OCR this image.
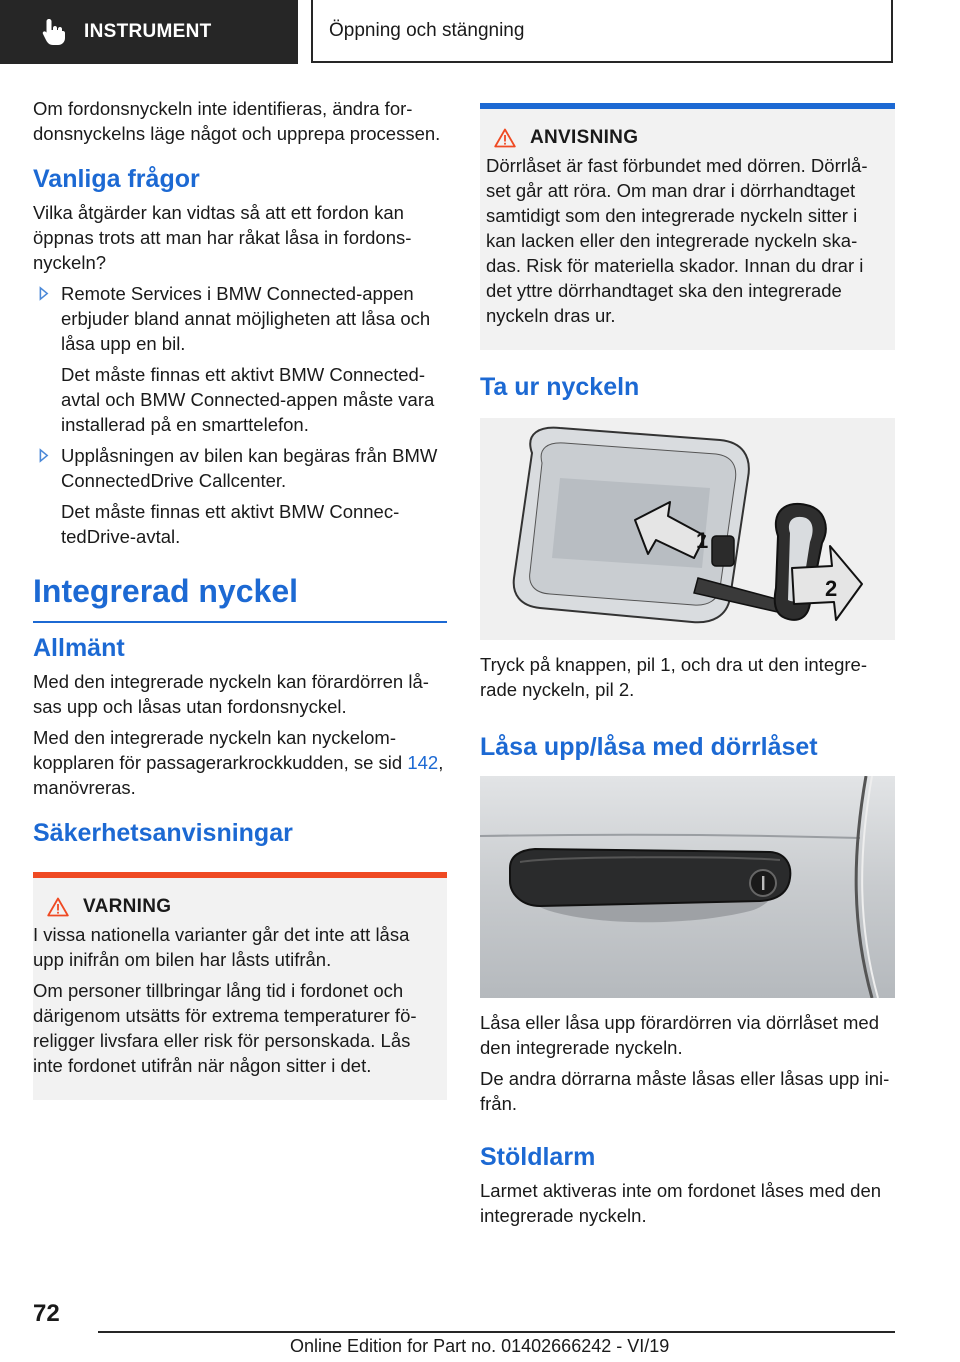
INSTRUMENT	Öppning och stängning

Om fordonsnyckeln inte identifieras, ändra fordonsnyckelns läge något och upprepa processen.

Vanliga frågor

Vilka åtgärder kan vidtas så att ett fordon kan öppnas trots att man har råkat låsa in fordonsnyckeln?

Remote Services i BMW Connected-appen erbjuder bland annat möjligheten att låsa och låsa upp en bil.

Det måste finnas ett aktivt BMW Connected-avtal och BMW Connected-appen måste vara installerad på en smarttelefon.

Upplåsningen av bilen kan begäras från BMW ConnectedDrive Callcenter.

Det måste finnas ett aktivt BMW ConnectedDrive-avtal.

Integrerad nyckel
Allmänt

Med den integrerade nyckeln kan förardörren låsas upp och låsas utan fordonsnyckel.

Med den integrerade nyckeln kan nyckelomkopplaren för passagerarkrockkudden, se sid 142, manövreras.

Säkerhetsanvisningar
VARNING

I vissa nationella varianter går det inte att låsa upp inifrån om bilen har låsts utifrån.

Om personer tillbringar lång tid i fordonet och därigenom utsätts för extrema temperaturer föreligger livsfara eller risk för personskada. Lås inte fordonet utifrån när någon sitter i det.

ANVISNING

Dörrlåset är fast förbundet med dörren. Dörrlåset går att röra. Om man drar i dörrhandtaget samtidigt som den integrerade nyckeln sitter i kan lacken eller den integrerade nyckeln skadas. Risk för materiella skador. Innan du drar i det yttre dörrhandtaget ska den integrerade nyckeln dras ur.

Ta ur nyckeln
1
2

Tryck på knappen, pil 1, och dra ut den integrerade nyckeln, pil 2.

Låsa upp/låsa med dörrlåset

Låsa eller låsa upp förardörren via dörrlåset med den integrerade nyckeln.

De andra dörrarna måste låsas eller låsas upp inifrån.

Stöldlarm

Larmet aktiveras inte om fordonet låses med den integrerade nyckeln.

72
Online Edition for Part no. 01402666242 - VI/19
